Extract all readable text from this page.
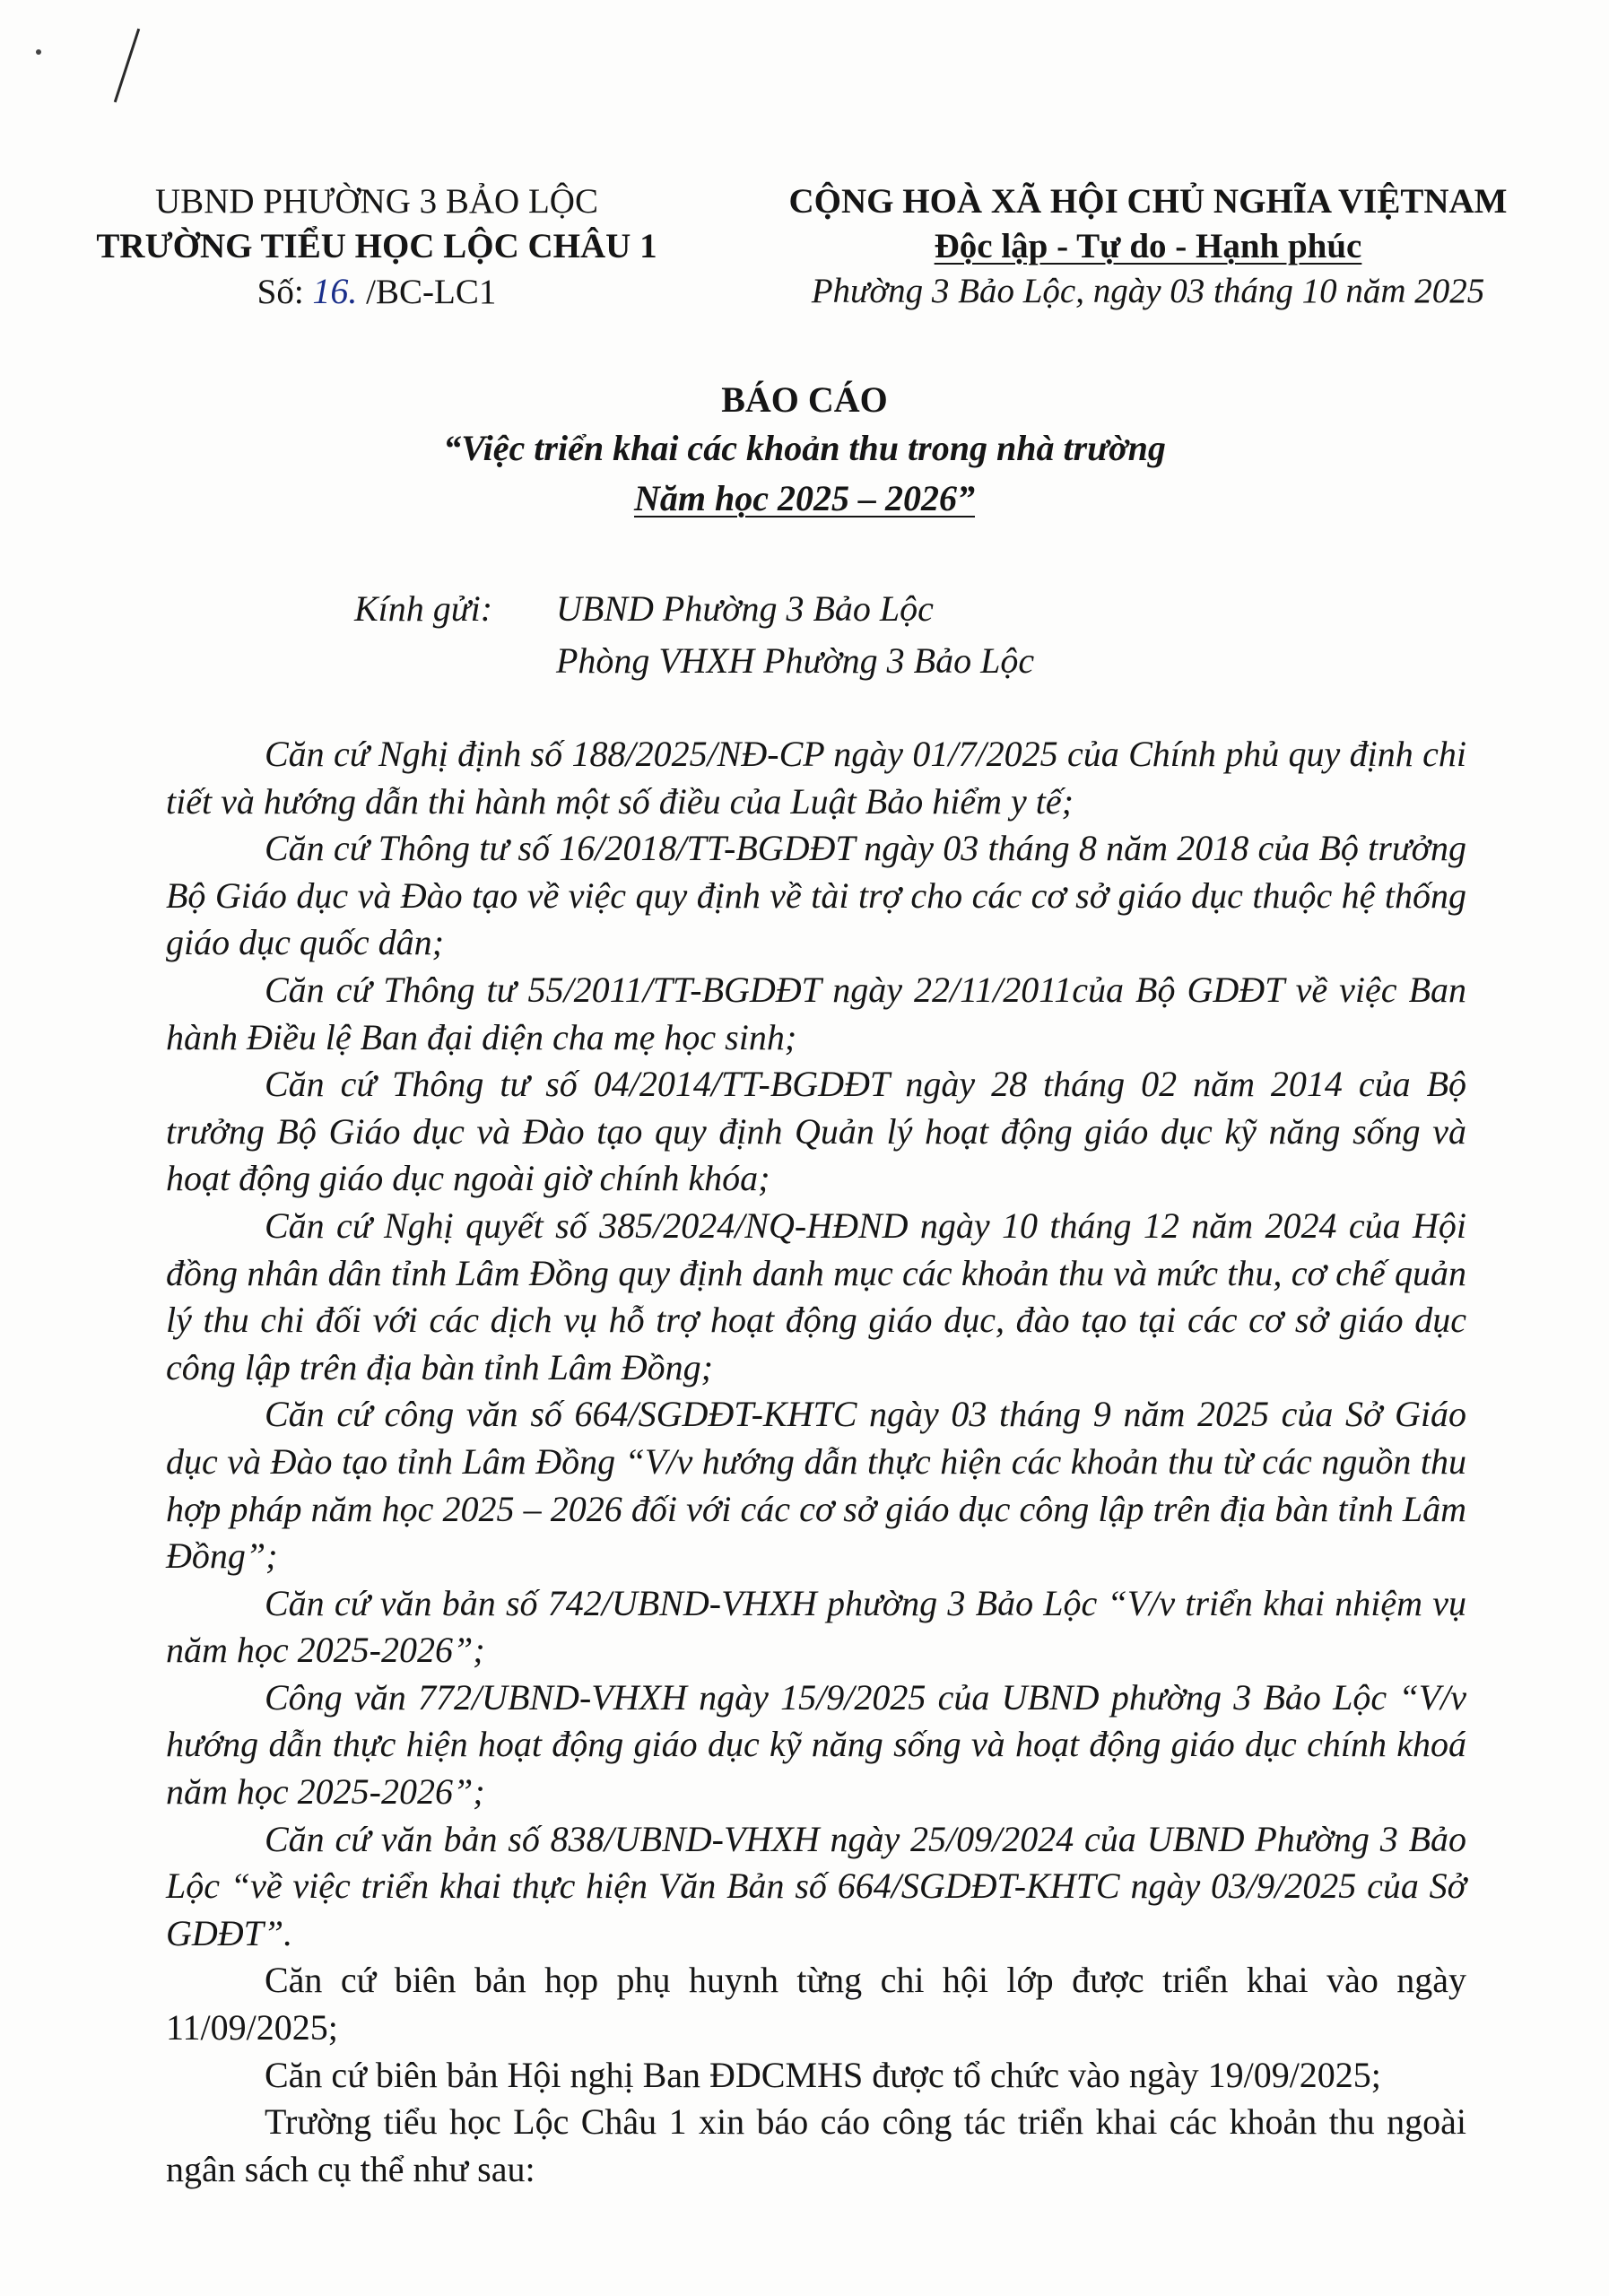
UBND PHƯỜNG 3 BẢO LỘC
TRƯỜNG TIỂU HỌC LỘC CHÂU 1
Số: 16. /BC-LC1
CỘNG HOÀ XÃ HỘI CHỦ NGHĨA VIỆTNAM
Độc lập - Tự do - Hạnh phúc
Phường 3 Bảo Lộc, ngày 03 tháng 10 năm 2025
BÁO CÁO
“Việc triển khai các khoản thu trong nhà trường
Năm học 2025 – 2026”
Kính gửi: UBND Phường 3 Bảo Lộc
Phòng VHXH Phường 3 Bảo Lộc

Căn cứ Nghị định số 188/2025/NĐ-CP ngày 01/7/2025 của Chính phủ quy định chi tiết và hướng dẫn thi hành một số điều của Luật Bảo hiểm y tế;

Căn cứ Thông tư số 16/2018/TT-BGDĐT ngày 03 tháng 8 năm 2018 của Bộ trưởng Bộ Giáo dục và Đào tạo về việc quy định về tài trợ cho các cơ sở giáo dục thuộc hệ thống giáo dục quốc dân;

Căn cứ Thông tư 55/2011/TT-BGDĐT ngày 22/11/2011của Bộ GDĐT về việc Ban hành Điều lệ Ban đại diện cha mẹ học sinh;

Căn cứ Thông tư số 04/2014/TT-BGDĐT ngày 28 tháng 02 năm 2014 của Bộ trưởng Bộ Giáo dục và Đào tạo quy định Quản lý hoạt động giáo dục kỹ năng sống và hoạt động giáo dục ngoài giờ chính khóa;

Căn cứ Nghị quyết số 385/2024/NQ-HĐND ngày 10 tháng 12 năm 2024 của Hội đồng nhân dân tỉnh Lâm Đồng quy định danh mục các khoản thu và mức thu, cơ chế quản lý thu chi đối với các dịch vụ hỗ trợ hoạt động giáo dục, đào tạo tại các cơ sở giáo dục công lập trên địa bàn tỉnh Lâm Đồng;

Căn cứ công văn số 664/SGDĐT-KHTC ngày 03 tháng 9 năm 2025 của Sở Giáo dục và Đào tạo tỉnh Lâm Đồng “V/v hướng dẫn thực hiện các khoản thu từ các nguồn thu hợp pháp năm học 2025 – 2026 đối với các cơ sở giáo dục công lập trên địa bàn tỉnh Lâm Đồng”;

Căn cứ văn bản số 742/UBND-VHXH phường 3 Bảo Lộc “V/v triển khai nhiệm vụ năm học 2025-2026”;

Công văn 772/UBND-VHXH ngày 15/9/2025 của UBND phường 3 Bảo Lộc “V/v hướng dẫn thực hiện hoạt động giáo dục kỹ năng sống và hoạt động giáo dục chính khoá năm học 2025-2026”;

Căn cứ văn bản số 838/UBND-VHXH ngày 25/09/2024 của UBND Phường 3 Bảo Lộc “về việc triển khai thực hiện Văn Bản số 664/SGDĐT-KHTC ngày 03/9/2025 của Sở GDĐT”.

Căn cứ biên bản họp phụ huynh từng chi hội lớp được triển khai vào ngày 11/09/2025;

Căn cứ biên bản Hội nghị Ban ĐDCMHS được tổ chức vào ngày 19/09/2025;

Trường tiểu học Lộc Châu 1 xin báo cáo công tác triển khai các khoản thu ngoài ngân sách cụ thể như sau:
